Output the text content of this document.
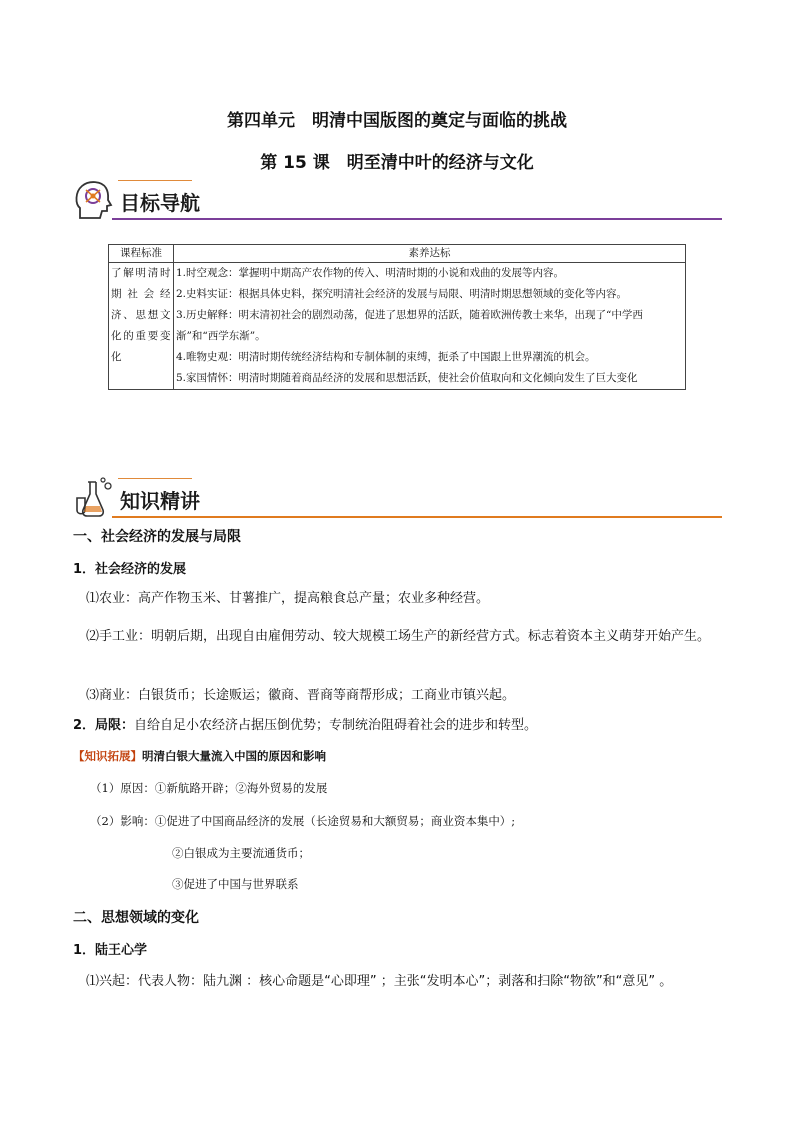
第四单元　明清中国版图的奠定与面临的挑战
第 15 课　明至清中叶的经济与文化
目标导航
课程标准	素养达标
了解明清时期社会经济、思想文化的重要变化	1.时空观念：掌握明中期高产农作物的传入、明清时期的小说和戏曲的发展等内容。
2.史料实证：根据具体史料，探究明清社会经济的发展与局限、明清时期思想领域的变化等内容。
3.历史解释：明末清初社会的剧烈动荡，促进了思想界的活跃，随着欧洲传教士来华，出现了“中学西渐”和“西学东渐”。
4.唯物史观：明清时期传统经济结构和专制体制的束缚，扼杀了中国跟上世界潮流的机会。
5.家国情怀：明清时期随着商品经济的发展和思想活跃，使社会价值取向和文化倾向发生了巨大变化
知识精讲
一、社会经济的发展与局限
1．社会经济的发展
⑴农业：高产作物玉米、甘薯推广，提高粮食总产量；农业多种经营。
⑵手工业：明朝后期，出现自由雇佣劳动、较大规模工场生产的新经营方式。标志着资本主义萌芽开始产生。
⑶商业：白银货币；长途贩运；徽商、晋商等商帮形成；工商业市镇兴起。
2．局限：自给自足小农经济占据压倒优势；专制统治阻碍着社会的进步和转型。
【知识拓展】明清白银大量流入中国的原因和影响
（1）原因：①新航路开辟；②海外贸易的发展
（2）影响：①促进了中国商品经济的发展（长途贸易和大额贸易；商业资本集中）;
②白银成为主要流通货币；
③促进了中国与世界联系
二、思想领域的变化
1．陆王心学
⑴兴起：代表人物：陆九渊 ：核心命题是“心即理” ；主张“发明本心”；剥落和扫除“物欲”和“意见” 。
